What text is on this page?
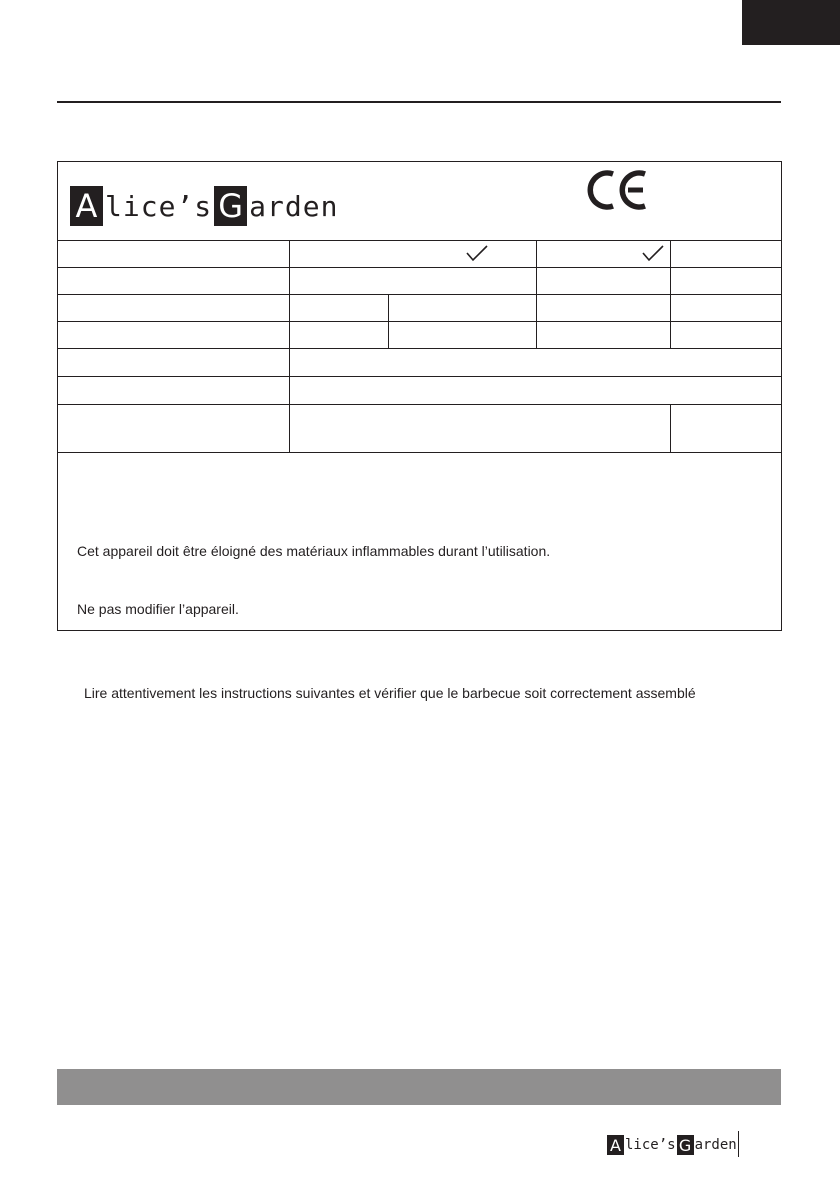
A lice’s G arden
Cet appareil doit être éloigné des matériaux inflammables durant l’utilisation.
Ne pas modifier l’appareil.
Lire attentivement les instructions suivantes et vérifier que le barbecue soit correctement assemblé
A lice’s G arden
